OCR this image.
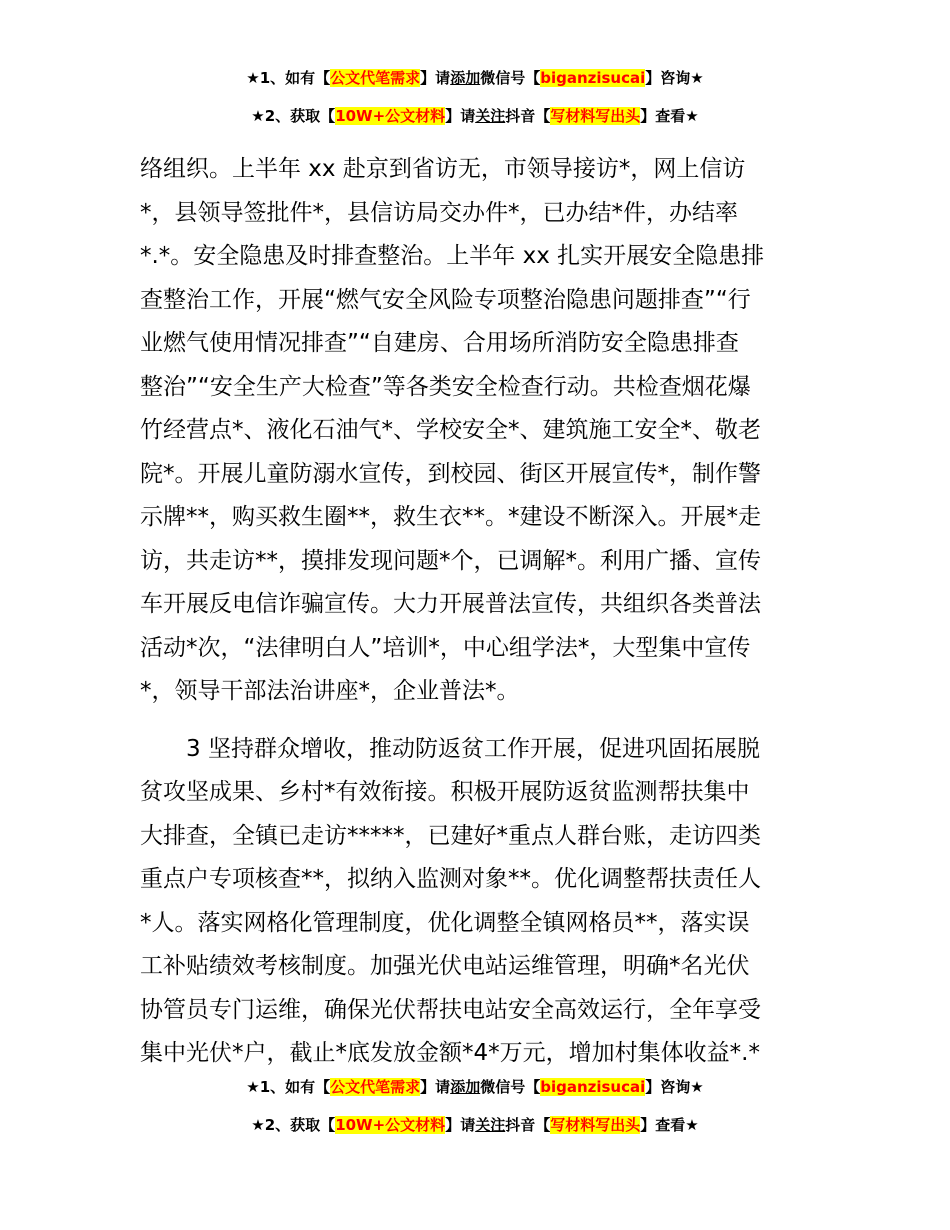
★1、如有【公文代笔需求】请添加微信号【biganzisucai】咨询★
★2、获取【10W+公文材料】请关注抖音【写材料写出头】查看★
络组织。上半年 xx 赴京到省访无，市领导接访*，网上信访
*，县领导签批件*，县信访局交办件*，已办结*件，办结率
*.*。安全隐患及时排查整治。上半年 xx 扎实开展安全隐患排
查整治工作，开展“燃气安全风险专项整治隐患问题排查”“行
业燃气使用情况排查”“自建房、合用场所消防安全隐患排查
整治”“安全生产大检查”等各类安全检查行动。共检查烟花爆
竹经营点*、液化石油气*、学校安全*、建筑施工安全*、敬老
院*。开展儿童防溺水宣传，到校园、街区开展宣传*，制作警
示牌**，购买救生圈**，救生衣**。*建设不断深入。开展*走
访，共走访**，摸排发现问题*个，已调解*。利用广播、宣传
车开展反电信诈骗宣传。大力开展普法宣传，共组织各类普法
活动*次，“法律明白人”培训*，中心组学法*，大型集中宣传
*，领导干部法治讲座*，企业普法*。
　　3 坚持群众增收，推动防返贫工作开展，促进巩固拓展脱
贫攻坚成果、乡村*有效衔接。积极开展防返贫监测帮扶集中
大排查，全镇已走访*****，已建好*重点人群台账，走访四类
重点户专项核查**，拟纳入监测对象**。优化调整帮扶责任人
*人。落实网格化管理制度，优化调整全镇网格员**，落实误
工补贴绩效考核制度。加强光伏电站运维管理，明确*名光伏
协管员专门运维，确保光伏帮扶电站安全高效运行，全年享受
集中光伏*户，截止*底发放金额*4*万元，增加村集体收益*.*
★1、如有【公文代笔需求】请添加微信号【biganzisucai】咨询★
★2、获取【10W+公文材料】请关注抖音【写材料写出头】查看★
